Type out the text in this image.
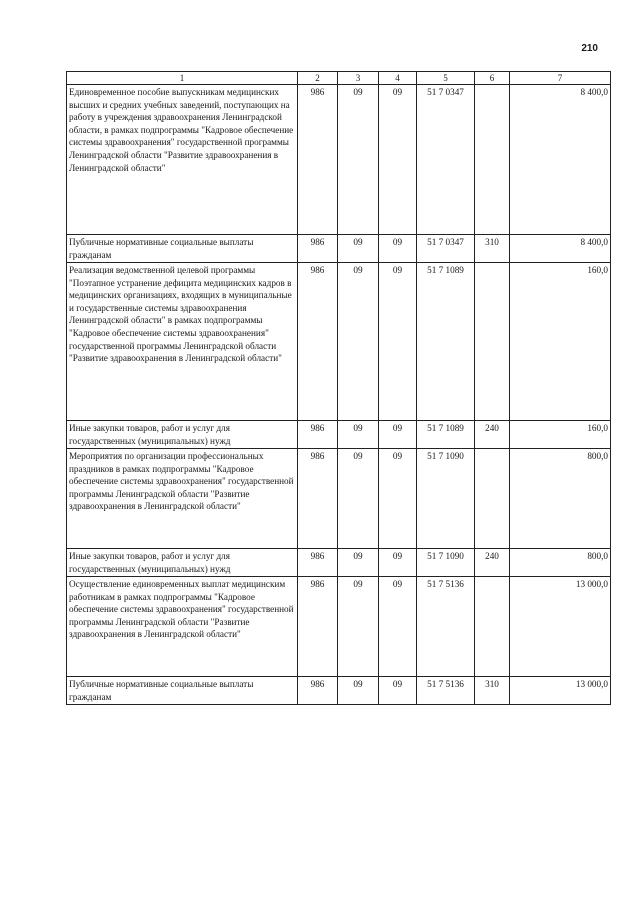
210
1	2	3	4	5	6	7
Единовременное пособие выпускникам медицинских высших и средних учебных заведений, поступающих на работу в учреждения здравоохранения Ленинградской области, в рамках подпрограммы "Кадровое обеспечение системы здравоохранения" государственной программы Ленинградской области "Развитие здравоохранения в Ленинградской области"	986	09	09	51 7 0347		8 400,0
Публичные нормативные социальные выплаты гражданам	986	09	09	51 7 0347	310	8 400,0
Реализация ведомственной целевой программы "Поэтапное устранение дефицита медицинских кадров в медицинских организациях, входящих в муниципальные и государственные системы здравоохранения Ленинградской области" в рамках подпрограммы "Кадровое обеспечение системы здравоохранения" государственной программы Ленинградской области "Развитие здравоохранения в Ленинградской области"	986	09	09	51 7 1089		160,0
Иные закупки товаров, работ и услуг для государственных (муниципальных) нужд	986	09	09	51 7 1089	240	160,0
Мероприятия по организации профессиональных праздников в рамках подпрограммы "Кадровое обеспечение системы здравоохранения" государственной программы Ленинградской области "Развитие здравоохранения в Ленинградской области"	986	09	09	51 7 1090		800,0
Иные закупки товаров, работ и услуг для государственных (муниципальных) нужд	986	09	09	51 7 1090	240	800,0
Осуществление единовременных выплат медицинским работникам в рамках подпрограммы "Кадровое обеспечение системы здравоохранения" государственной программы Ленинградской области "Развитие здравоохранения в Ленинградской области"	986	09	09	51 7 5136		13 000,0
Публичные нормативные социальные выплаты гражданам	986	09	09	51 7 5136	310	13 000,0
